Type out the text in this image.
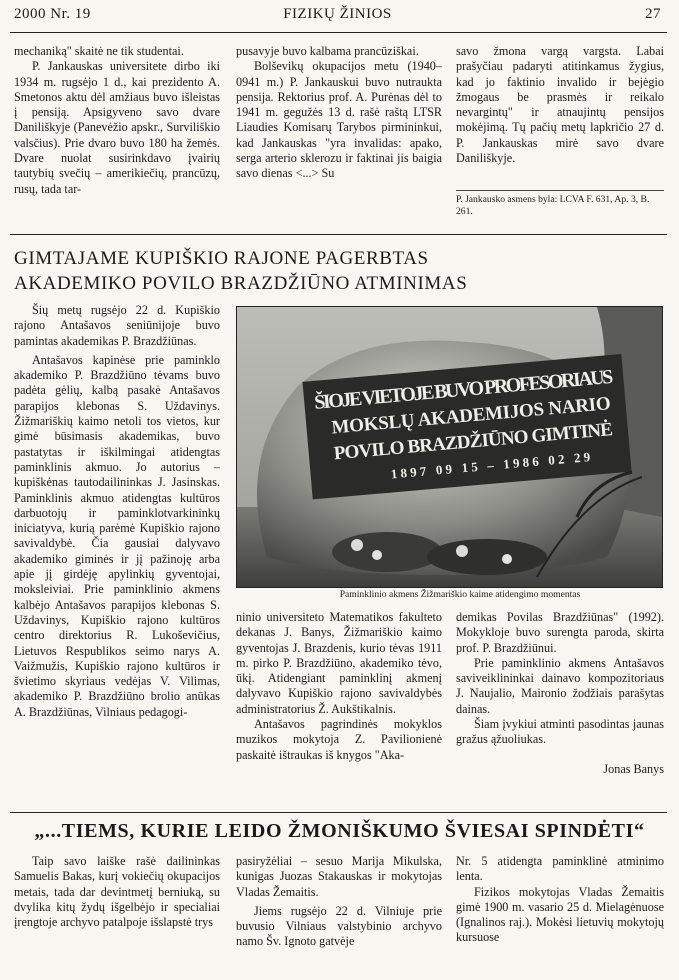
2000 Nr. 19	FIZIKŲ ŽINIOS	27

mechaniką" skaitė ne tik studentai.

P. Jankauskas universitete dirbo iki 1934 m. rugsėjo 1 d., kai prezidento A. Smetonos aktu dėl amžiaus buvo išleistas į pensiją. Apsigyveno savo dvare Daniliškyje (Panevėžio apskr., Surviliškio valsčius). Prie dvaro buvo 180 ha žemės. Dvare nuolat susirinkdavo įvairių tautybių svečių – amerikiečių, prancūzų, rusų, tada tar-

pusavyje buvo kalbama prancūziškai.

Bolševikų okupacijos metu (1940–0941 m.) P. Jankauskui buvo nutraukta pensija. Rektorius prof. A. Purėnas dėl to 1941 m. gegužės 13 d. rašė raštą LTSR Liaudies Komisarų Tarybos pirmininkui, kad Jankauskas "yra invalidas: apako, serga arterio sklerozu ir faktinai jis baigia savo dienas <...> Su

savo žmona vargą vargsta. Labai prašyčiau padaryti atitinkamus žygius, kad jo faktinio invalido ir bejėgio žmogaus be prasmės ir reikalo nevargintų" ir atnaujintų pensijos mokėjimą. Tų pačių metų lapkričio 27 d. P. Jankauskas mirė savo dvare Daniliškyje.

P. Jankausko asmens byla: LCVA F. 631, Ap. 3, B. 261.
GIMTAJAME KUPIŠKIO RAJONE PAGERBTAS
AKADEMIKO POVILO BRAZDŽIŪNO ATMINIMAS

Šių metų rugsėjo 22 d. Kupiškio rajono Antašavos seniūnijoje buvo pamintas akademikas P. Brazdžiūnas.

Antašavos kapinėse prie paminklo akademiko P. Brazdžiūno tėvams buvo padėta gėlių, kalbą pasakė Antašavos parapijos klebonas S. Uždavinys. Žižmariškių kaimo netoli tos vietos, kur gimė būsimasis akademikas, buvo pastatytas ir iškilmingai atidengtas paminklinis akmuo. Jo autorius – kupiškėnas tautodailininkas J. Jasinskas. Paminklinis akmuo atidengtas kultūros darbuotojų ir paminklotvarkininkų iniciatyva, kurią parėmė Kupiškio rajono savivaldybė. Čia gausiai dalyvavo akademiko giminės ir jį pažinoję arba apie jį girdėję apylinkių gyventojai, moksleiviai. Prie paminklinio akmens kalbėjo Antašavos parapijos klebonas S. Uždavinys, Kupiškio rajono kultūros centro direktorius R. Lukoševičius, Lietuvos Respublikos seimo narys A. Vaižmužis, Kupiškio rajono kultūros ir švietimo skyriaus vedėjas V. Vilimas, akademiko P. Brazdžiūno brolio anūkas A. Brazdžiūnas, Vilniaus pedagogi-

ŠIOJE VIETOJE BUVO PROFESORIAUS
MOKSLŲ AKADEMIJOS NARIO
POVILO BRAZDŽIŪNO GIMTINĖ
1897 09 15 – 1986 02 29
Paminklinio akmens Žižmariškio kaime atidengimo momentas

ninio universiteto Matematikos fakulteto dekanas J. Banys, Žižmariškio kaimo gyventojas J. Brazdenis, kurio tėvas 1911 m. pirko P. Brazdžiūno, akademiko tėvo, ūkį. Atidengiant paminklinį akmenį dalyvavo Kupiškio rajono savivaldybės administratorius Ž. Aukštikalnis.

Antašavos pagrindinės mokyklos muzikos mokytoja Z. Pavilionienė paskaitė ištraukas iš knygos "Aka-

demikas Povilas Brazdžiūnas" (1992). Mokykloje buvo surengta paroda, skirta prof. P. Brazdžiūnui.

Prie paminklinio akmens Antašavos saviveiklininkai dainavo kompozitoriaus J. Naujalio, Maironio žodžiais parašytas dainas.

Šiam įvykiui atminti pasodintas jaunas gražus ąžuoliukas.

Jonas Banys

„...TIEMS, KURIE LEIDO ŽMONIŠKUMO ŠVIESAI SPINDĖTI“

Taip savo laiške rašė dailininkas Samuelis Bakas, kurį vokiečių okupacijos metais, tada dar devintmetį berniuką, su dvylika kitų žydų išgelbėjo ir specialiai įrengtoje archyvo patalpoje išslapstė trys

pasiryžėliai – sesuo Marija Mikulska, kunigas Juozas Stakauskas ir mokytojas Vladas Žemaitis.

Jiems rugsėjo 22 d. Vilniuje prie buvusio Vilniaus valstybinio archyvo namo Šv. Ignoto gatvėje

Nr. 5 atidengta paminklinė atminimo lenta.

Fizikos mokytojas Vladas Žemaitis gimė 1900 m. vasario 25 d. Mielagėnuose (Ignalinos raj.). Mokėsi lietuvių mokytojų kursuose
